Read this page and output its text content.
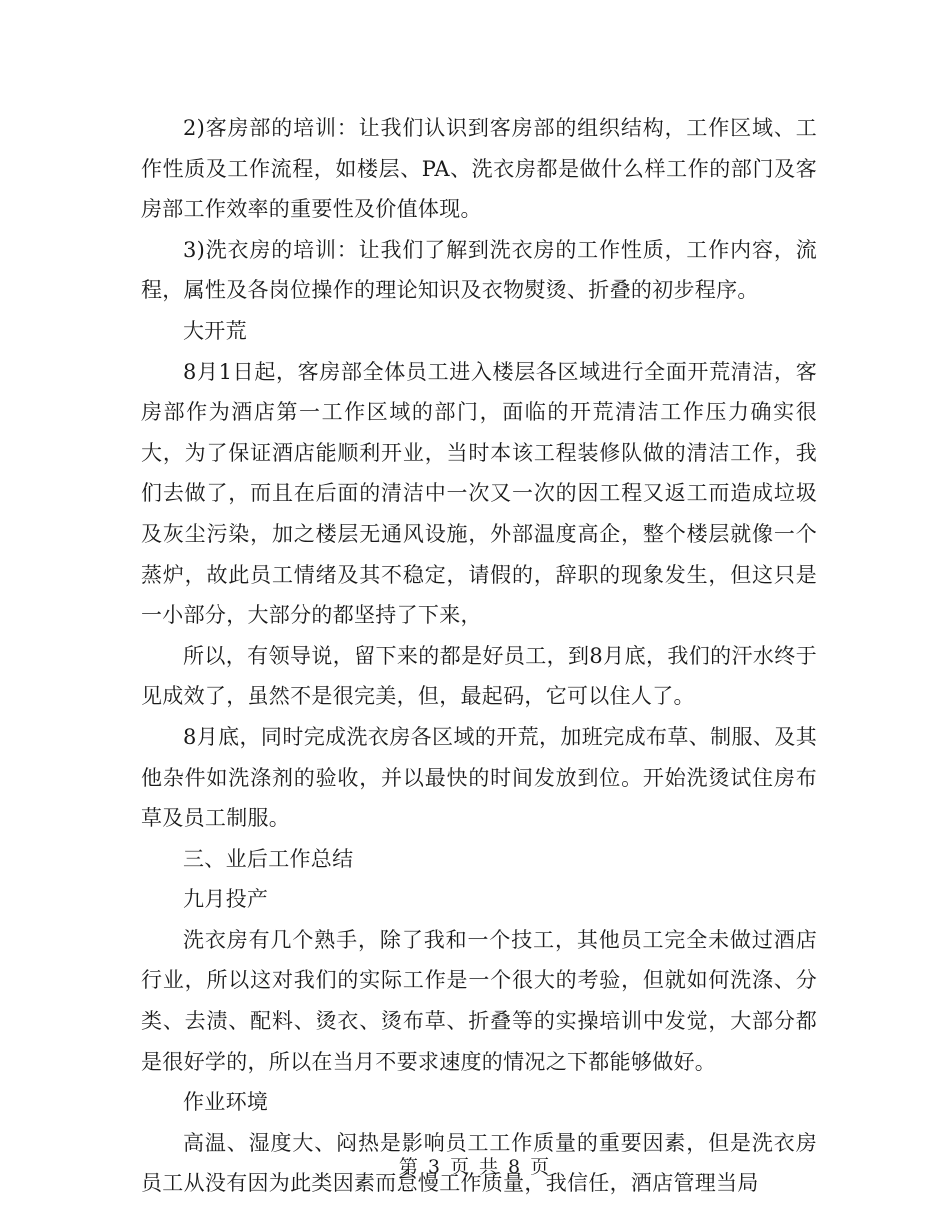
2)客房部的培训：让我们认识到客房部的组织结构，工作区域、工作性质及工作流程，如楼层、PA、洗衣房都是做什么样工作的部门及客房部工作效率的重要性及价值体现。

3)洗衣房的培训：让我们了解到洗衣房的工作性质，工作内容，流程，属性及各岗位操作的理论知识及衣物熨烫、折叠的初步程序。

大开荒

8月1日起，客房部全体员工进入楼层各区域进行全面开荒清洁，客房部作为酒店第一工作区域的部门，面临的开荒清洁工作压力确实很大，为了保证酒店能顺利开业，当时本该工程装修队做的清洁工作，我们去做了，而且在后面的清洁中一次又一次的因工程又返工而造成垃圾及灰尘污染，加之楼层无通风设施，外部温度高企，整个楼层就像一个蒸炉，故此员工情绪及其不稳定，请假的，辞职的现象发生，但这只是一小部分，大部分的都坚持了下来，

所以，有领导说，留下来的都是好员工，到8月底，我们的汗水终于见成效了，虽然不是很完美，但，最起码，它可以住人了。

8月底，同时完成洗衣房各区域的开荒，加班完成布草、制服、及其他杂件如洗涤剂的验收，并以最快的时间发放到位。开始洗烫试住房布草及员工制服。

三、业后工作总结

九月投产

洗衣房有几个熟手，除了我和一个技工，其他员工完全未做过酒店行业，所以这对我们的实际工作是一个很大的考验，但就如何洗涤、分类、去渍、配料、烫衣、烫布草、折叠等的实操培训中发觉，大部分都是很好学的，所以在当月不要求速度的情况之下都能够做好。

作业环境

高温、湿度大、闷热是影响员工工作质量的重要因素，但是洗衣房员工从没有因为此类因素而怠慢工作质量，我信任，酒店管理当局

第 3 页 共 8 页
